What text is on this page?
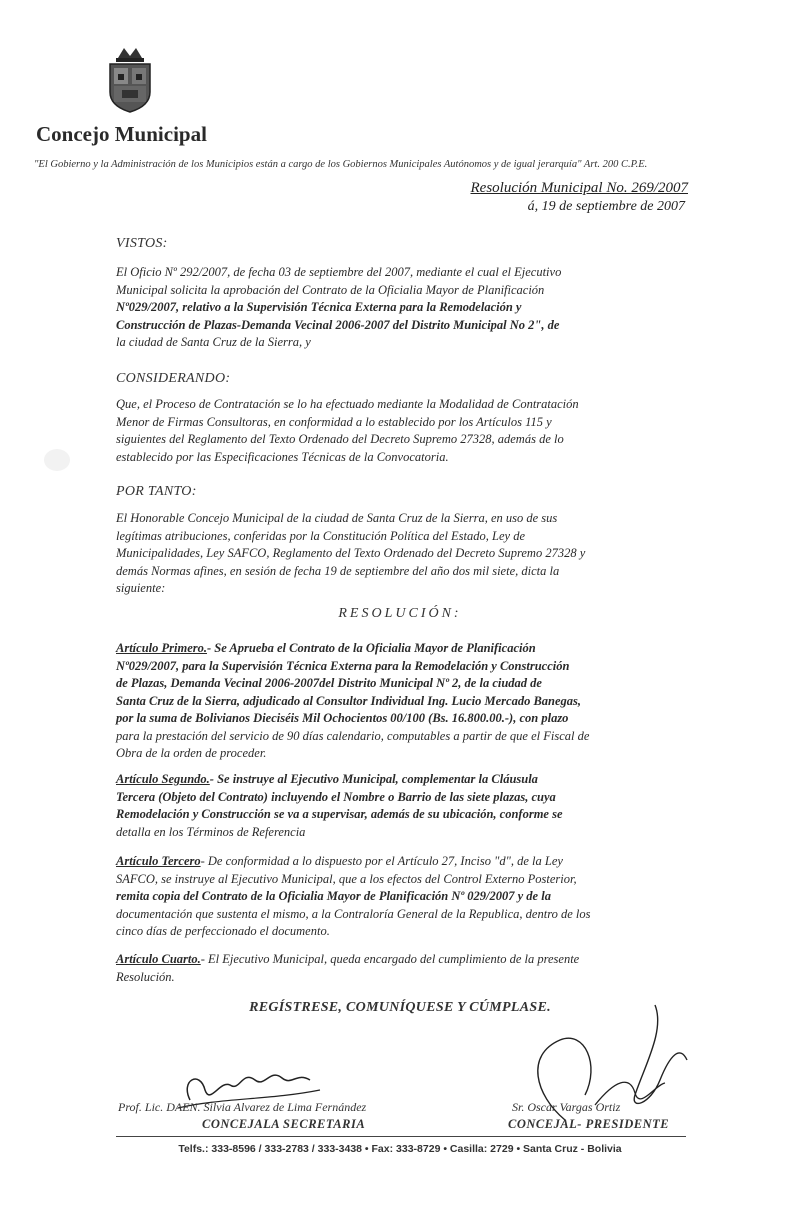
Concejo Municipal
"El Gobierno y la Administración de los Municipios están a cargo de los Gobiernos Municipales Autónomos y de igual jerarquía" Art. 200 C.P.E.
Resolución Municipal No. 269/2007
á, 19 de septiembre de 2007
VISTOS:
El Oficio Nº 292/2007, de fecha 03 de septiembre del 2007, mediante el cual el Ejecutivo
Municipal solicita la aprobación del Contrato de la Oficialia Mayor de Planificación
Nº029/2007, relativo a la Supervisión Técnica Externa para la Remodelación y
Construcción de Plazas-Demanda Vecinal 2006-2007 del Distrito Municipal No 2", de
la ciudad de Santa Cruz de la Sierra, y
CONSIDERANDO:
Que, el Proceso de Contratación se lo ha efectuado mediante la Modalidad de Contratación
Menor de Firmas Consultoras, en conformidad a lo establecido por los Artículos 115 y
siguientes del Reglamento del Texto Ordenado del Decreto Supremo 27328, además de lo
establecido por las Especificaciones Técnicas de la Convocatoria.
POR TANTO:
El Honorable Concejo Municipal de la ciudad de Santa Cruz de la Sierra, en uso de sus
legítimas atribuciones, conferidas por la Constitución Política del Estado, Ley de
Municipalidades, Ley SAFCO, Reglamento del Texto Ordenado del Decreto Supremo 27328 y
demás Normas afines, en sesión de fecha 19 de septiembre del año dos mil siete, dicta la
siguiente:
RESOLUCIÓN:
Artículo Primero.- Se Aprueba el Contrato de la Oficialia Mayor de Planificación
Nº029/2007, para la Supervisión Técnica Externa para la Remodelación y Construcción
de Plazas, Demanda Vecinal 2006-2007del Distrito Municipal Nº 2, de la ciudad de
Santa Cruz de la Sierra, adjudicado al Consultor Individual Ing. Lucio Mercado Banegas,
por la suma de Bolivianos Dieciséis Mil Ochocientos 00/100 (Bs. 16.800.00.-), con plazo
para la prestación del servicio de 90 días calendario, computables a partir de que el Fiscal de
Obra de la orden de proceder.
Artículo Segundo.- Se instruye al Ejecutivo Municipal, complementar la Cláusula
Tercera (Objeto del Contrato) incluyendo el Nombre o Barrio de las siete plazas, cuya
Remodelación y Construcción se va a supervisar, además de su ubicación, conforme se
detalla en los Términos de Referencia
Artículo Tercero- De conformidad a lo dispuesto por el Artículo 27, Inciso "d", de la Ley
SAFCO, se instruye al Ejecutivo Municipal, que a los efectos del Control Externo Posterior,
remita copia del Contrato de la Oficialia Mayor de Planificación Nº 029/2007 y de la
documentación que sustenta el mismo, a la Contraloría General de la Republica, dentro de los
cinco días de perfeccionado el documento.
Artículo Cuarto.- El Ejecutivo Municipal, queda encargado del cumplimiento de la presente
Resolución.
REGÍSTRESE, COMUNÍQUESE Y CÚMPLASE.
Prof. Lic. DAEN. Silvia Alvarez de Lima Fernández
CONCEJALA SECRETARIA
Sr. Oscar Vargas Ortiz
CONCEJAL- PRESIDENTE
Telfs.: 333-8596 / 333-2783 / 333-3438 • Fax: 333-8729 • Casilla: 2729 • Santa Cruz - Bolivia
